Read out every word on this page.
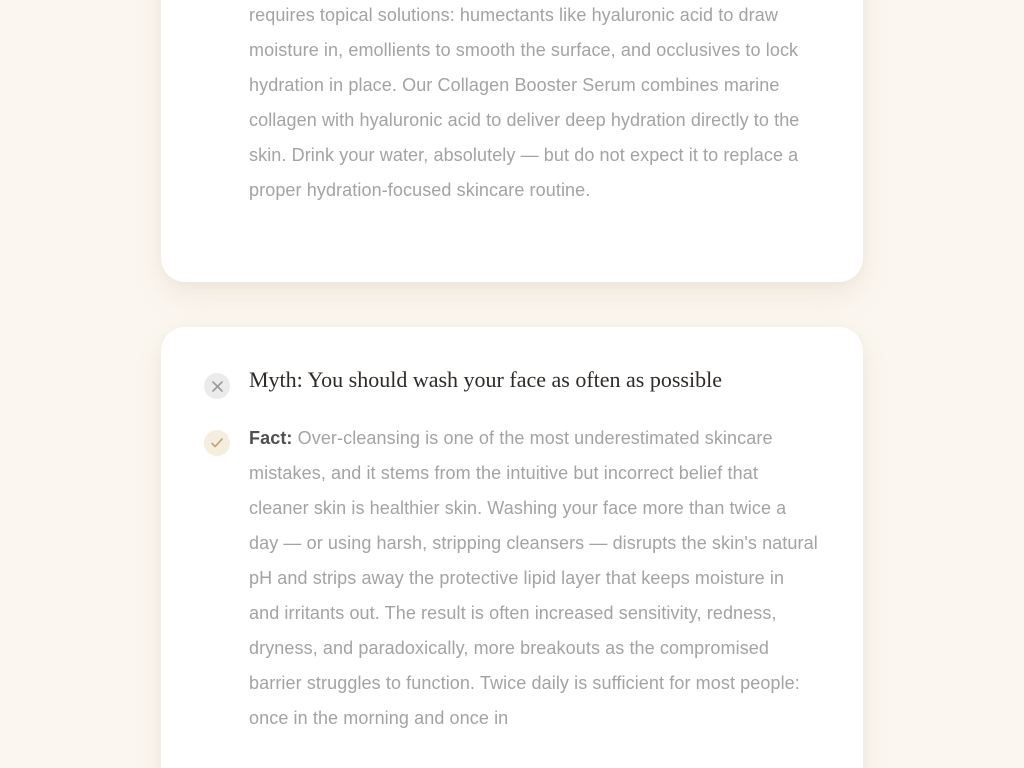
requires topical solutions: humectants like hyaluronic acid to draw moisture in, emollients to smooth the surface, and occlusives to lock hydration in place. Our Collagen Booster Serum combines marine collagen with hyaluronic acid to deliver deep hydration directly to the skin. Drink your water, absolutely — but do not expect it to replace a proper hydration-focused skincare routine.

Myth: You should wash your face as often as possible

Fact: Over-cleansing is one of the most underestimated skincare mistakes, and it stems from the intuitive but incorrect belief that cleaner skin is healthier skin. Washing your face more than twice a day — or using harsh, stripping cleansers — disrupts the skin's natural pH and strips away the protective lipid layer that keeps moisture in and irritants out. The result is often increased sensitivity, redness, dryness, and paradoxically, more breakouts as the compromised barrier struggles to function. Twice daily is sufficient for most people: once in the morning and once in
